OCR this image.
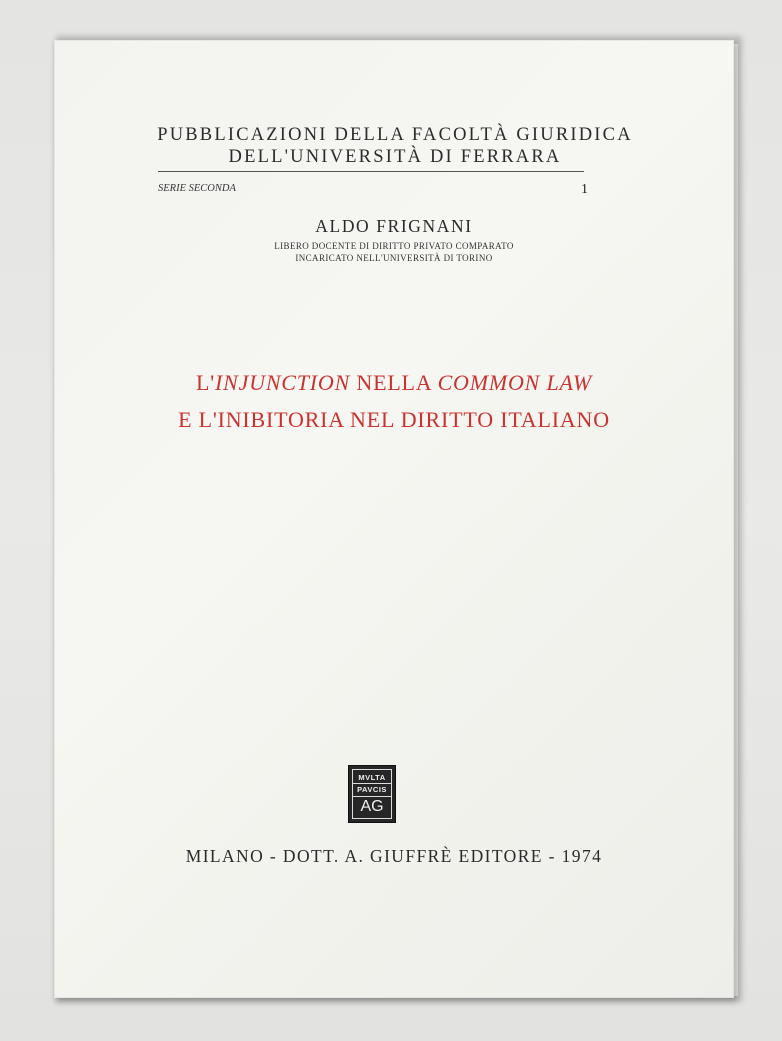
PUBBLICAZIONI DELLA FACOLTÀ GIURIDICA
DELL'UNIVERSITÀ DI FERRARA
SERIE SECONDA	1
ALDO FRIGNANI
LIBERO DOCENTE DI DIRITTO PRIVATO COMPARATO
INCARICATO NELL'UNIVERSITÀ DI TORINO
L'INJUNCTION NELLA COMMON LAW
E L'INIBITORIA NEL DIRITTO ITALIANO
MVLTA
PAVCIS
AG
MILANO - DOTT. A. GIUFFRÈ EDITORE - 1974
